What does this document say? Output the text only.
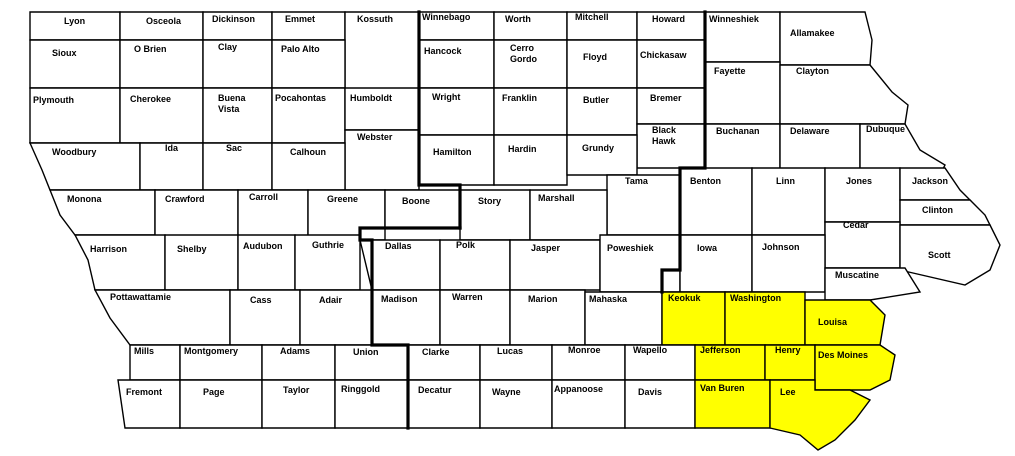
Lyon	Osceola	Dickinson	Emmet	Kossuth	Winnebago	Worth	Mitchell	Howard	Winneshiek
Allamakee
Sioux	O Brien	Clay	Palo Alto	Hancock	Cerro
Gordo	Floyd	Chickasaw
Fayette	Clayton
Plymouth	Cherokee	Buena
Vista
Pocahontas	Humboldt	Wright	Franklin	Butler	Bremer
Webster
Black
Hawk
Buchanan	Delaware	Dubuque
Woodbury	Ida	Sac	Calhoun	Hamilton	Hardin	Grundy
Tama	Benton	Linn	Jones	Jackson
Monona	Crawford	Carroll	Greene	Boone	Story	Marshall
Clinton
Cedar
Harrison	Shelby	Audubon	Guthrie	Dallas	Polk	Jasper	Poweshiek	Iowa	Johnson
Scott
Muscatine
Pottawattamie	Cass	Adair	Madison	Warren	Marion	Mahaska	Keokuk	Washington
Louisa
Mills	Montgomery	Adams	Union	Clarke	Lucas	Monroe	Wapello	Jefferson	Henry Des Moines
Fremont	Page	Taylor	Ringgold	Decatur	Wayne	Appanoose	Davis	Van Buren	Lee
